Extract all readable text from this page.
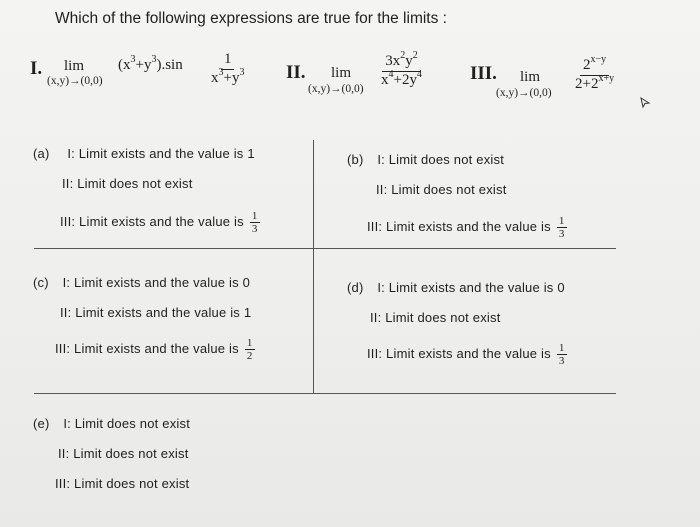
Which of the following expressions are true for the limits :
I. lim
(x,y)→(0,0)
$(x^3+y^3).\sin \frac{1}{x^3+y^3}$ II. lim
(x,y)→(0,0)
$\frac{3x^2y^2}{x^4+2y^4}$ III. lim
(x,y)→(0,0)
$\frac{2^{x-y}}{2+2^{x+y}}$
(a) I: Limit exists and the value is 1
II: Limit does not exist
III: Limit exists and the value is $\frac{1}{3}$
(b) I: Limit does not exist
II: Limit does not exist
III: Limit exists and the value is $\frac{1}{3}$
(c) I: Limit exists and the value is 0
II: Limit exists and the value is 1
III: Limit exists and the value is $\frac{1}{2}$
(d) I: Limit exists and the value is 0
II: Limit does not exist
III: Limit exists and the value is $\frac{1}{3}$
(e) I: Limit does not exist
II: Limit does not exist
III: Limit does not exist
